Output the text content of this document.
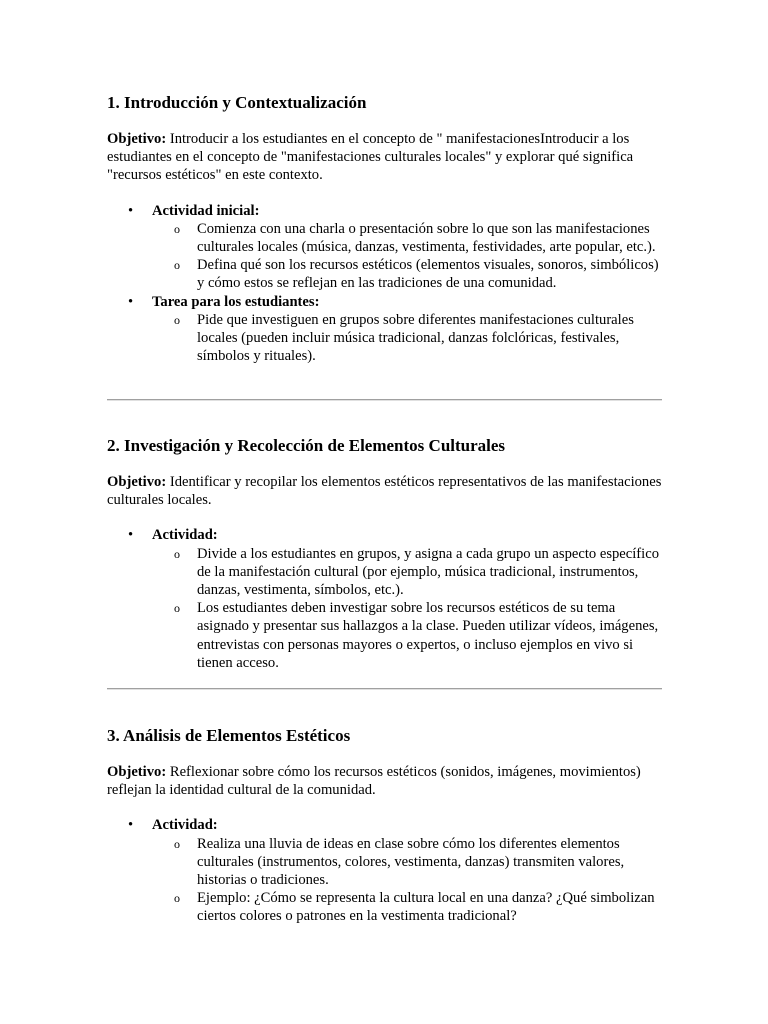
1. Introducción y Contextualización

Objetivo: Introducir a los estudiantes en el concepto de " manifestacionesIntroducir a los estudiantes en el concepto de "manifestaciones culturales locales" y explorar qué significa "recursos estéticos" en este contexto.

• Actividad inicial:
o Comienza con una charla o presentación sobre lo que son las manifestaciones culturales locales (música, danzas, vestimenta, festividades, arte popular, etc.).
o Defina qué son los recursos estéticos (elementos visuales, sonoros, simbólicos) y cómo estos se reflejan en las tradiciones de una comunidad.
• Tarea para los estudiantes:
o Pide que investiguen en grupos sobre diferentes manifestaciones culturales locales (pueden incluir música tradicional, danzas folclóricas, festivales, símbolos y rituales).
2. Investigación y Recolección de Elementos Culturales

Objetivo: Identificar y recopilar los elementos estéticos representativos de las manifestaciones culturales locales.

• Actividad:
o Divide a los estudiantes en grupos, y asigna a cada grupo un aspecto específico de la manifestación cultural (por ejemplo, música tradicional, instrumentos, danzas, vestimenta, símbolos, etc.).
o Los estudiantes deben investigar sobre los recursos estéticos de su tema asignado y presentar sus hallazgos a la clase. Pueden utilizar vídeos, imágenes, entrevistas con personas mayores o expertos, o incluso ejemplos en vivo si tienen acceso.
3. Análisis de Elementos Estéticos

Objetivo: Reflexionar sobre cómo los recursos estéticos (sonidos, imágenes, movimientos) reflejan la identidad cultural de la comunidad.

• Actividad:
o Realiza una lluvia de ideas en clase sobre cómo los diferentes elementos culturales (instrumentos, colores, vestimenta, danzas) transmiten valores, historias o tradiciones.
o Ejemplo: ¿Cómo se representa la cultura local en una danza? ¿Qué simbolizan ciertos colores o patrones en la vestimenta tradicional?
